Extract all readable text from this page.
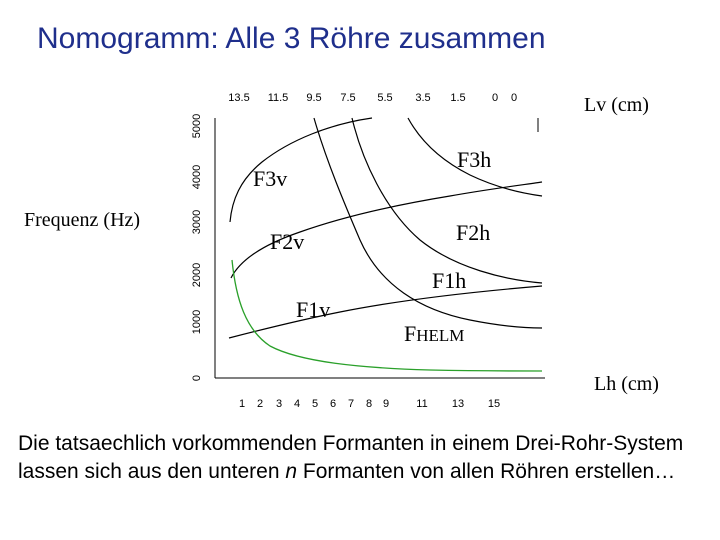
Nomogramm: Alle 3 Röhre zusammen
Frequenz (Hz)
Lv (cm)
Lh (cm)
0
1000
2000
3000
4000
5000
13.5 11.5 9.5 7.5 5.5 3.5 1.5 0 0
1 2 3 4 5 6 7 8 9 11 13 15
F3v
F2v
F1v
F3h
F2h
F1h
FHELM
Die tatsaechlich vorkommenden Formanten in einem Drei-Rohr-System lassen sich aus den unteren n Formanten von allen Röhren erstellen…
